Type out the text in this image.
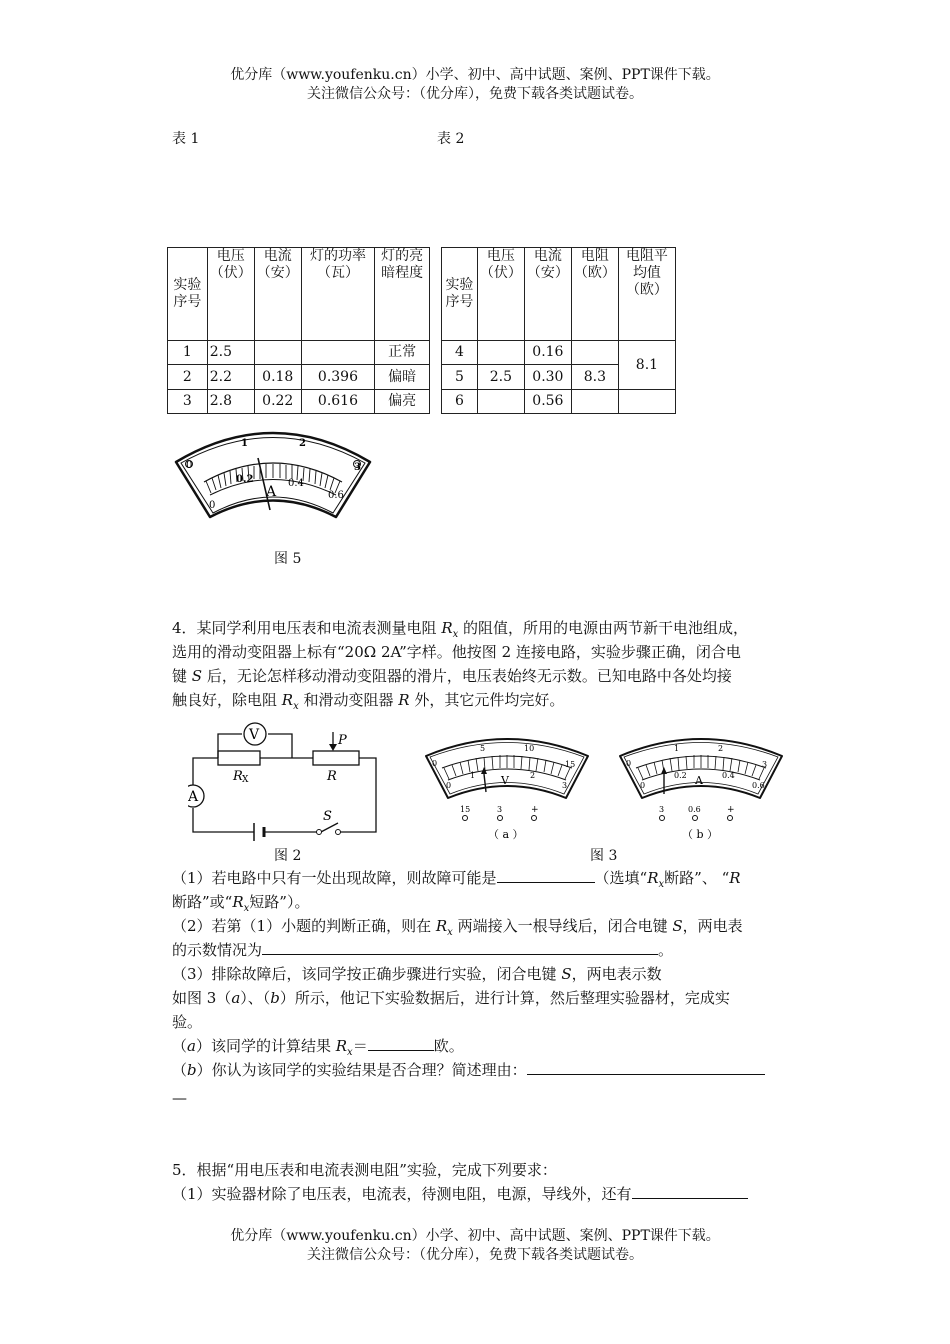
优分库（www.youfenku.cn）小学、初中、高中试题、案例、PPT课件下载。
关注微信公众号：（优分库），免费下载各类试题试卷。
表 1	表 2
实验序号	电压（伏）	电流（安）	灯的功率（瓦）	灯的亮暗程度
1	2.5			正常
2	2.2	0.18	0.396	偏暗
3	2.8	0.22	0.616	偏亮
实验序号	电压（伏）	电流（安）	电阻（欧）	电阻平均值（欧）
4		0.16		8.1
5	2.5	0.30	8.3	
6		0.56		
0
0.2	0.4
0.6
0
1	2
3
A
图 5
4．某同学利用电压表和电流表测量电阻 $R_x$ 的阻值，所用的电源由两节新干电池组成，
选用的滑动变阻器上标有“20Ω 2A”字样。他按图 2 连接电路，实验步骤正确，闭合电
键 S 后，无论怎样移动滑动变阻器的滑片，电压表始终无示数。已知电路中各处均接
触良好，除电阻 $R_x$ 和滑动变阻器 R 外，其它元件均完好。
V
A
R X	R
P
S
图 2
0
5	10
15
0
1	2
3
V
15	3	+
（ a ）
0
1	2
3
0
0.2	0.4
0.6
A
3	0.6	+
（ b ）
图 3
（1）若电路中只有一处出现故障，则故障可能是	（选填“$R_x$断路”、 “R
断路”或“$R_x$短路”）。
（2）若第（1）小题的判断正确，则在 $R_x$ 两端接入一根导线后，闭合电键 S，两电表
的示数情况为	。
（3）排除故障后，该同学按正确步骤进行实验，闭合电键 S，两电表示数
如图 3（a）、（b）所示，他记下实验数据后，进行计算，然后整理实验器材，完成实
验。
（a）该同学的计算结果 $R_x=$	欧。
（b）你认为该同学的实验结果是否合理？简述理由：
—
5．根据“用电压表和电流表测电阻”实验，完成下列要求：
（1）实验器材除了电压表，电流表，待测电阻，电源，导线外，还有
优分库（www.youfenku.cn）小学、初中、高中试题、案例、PPT课件下载。
关注微信公众号：（优分库），免费下载各类试题试卷。
